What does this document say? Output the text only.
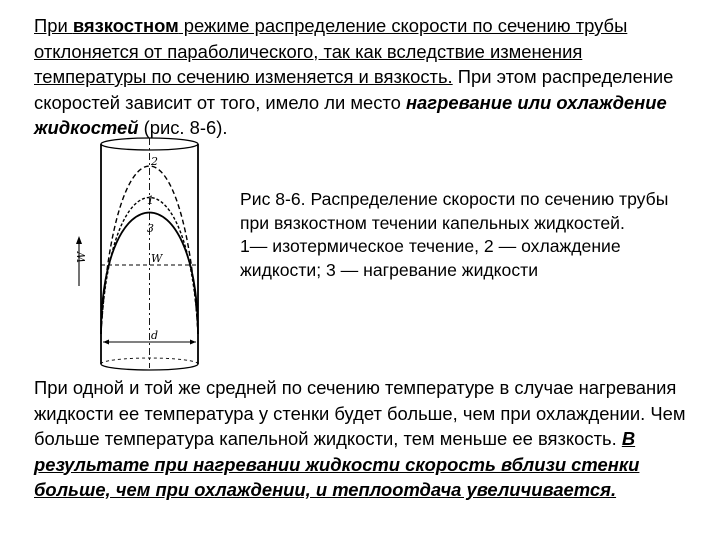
При вязкостном режиме распределение скорости по сечению трубы отклоняется от параболического, так как вследствие изменения температуры по сечению изменяется и вязкость. При этом распределение скоростей зависит от того, имело ли место нагревание или охлаждение жидкостей (рис. 8-6).
2
1
3
W
d
W
Рис 8-6. Распределение скорости по сечению трубы при вязкостном течении капельных жидкостей.
1— изотермическое течение, 2 — охлаждение жидкости; 3 — нагревание жидкости
При одной и той же средней по сечению температуре в случае нагревания жидкости ее температура у стенки будет больше, чем при охлаждении. Чем больше температура капельной жидкости, тем меньше ее вязкость. В результате при нагревании жидкости скорость вблизи стенки больше, чем при охлаждении, и теплоотдача увеличивается.
